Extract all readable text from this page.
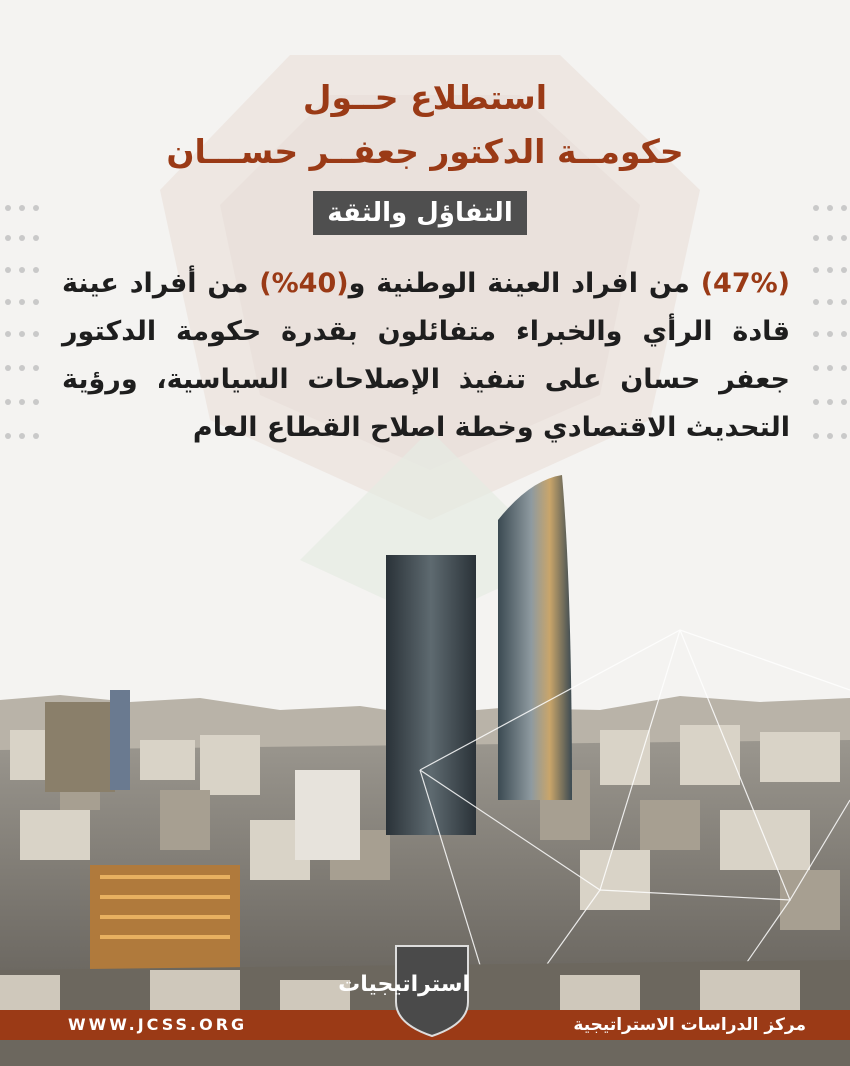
استطلاع حــول
حكومــة الدكتور جعفــر حســـان
التفاؤل والثقة
(47%) من افراد العينة الوطنية و(40%) من أفراد عينة قادة الرأي والخبراء متفائلون بقدرة حكومة الدكتور جعفر حسان على تنفيذ الإصلاحات السياسية، ورؤية التحديث الاقتصادي وخطة اصلاح القطاع العام
WWW.JCSS.ORG	مركز الدراسات الاستراتيجية
استراتيجيات
